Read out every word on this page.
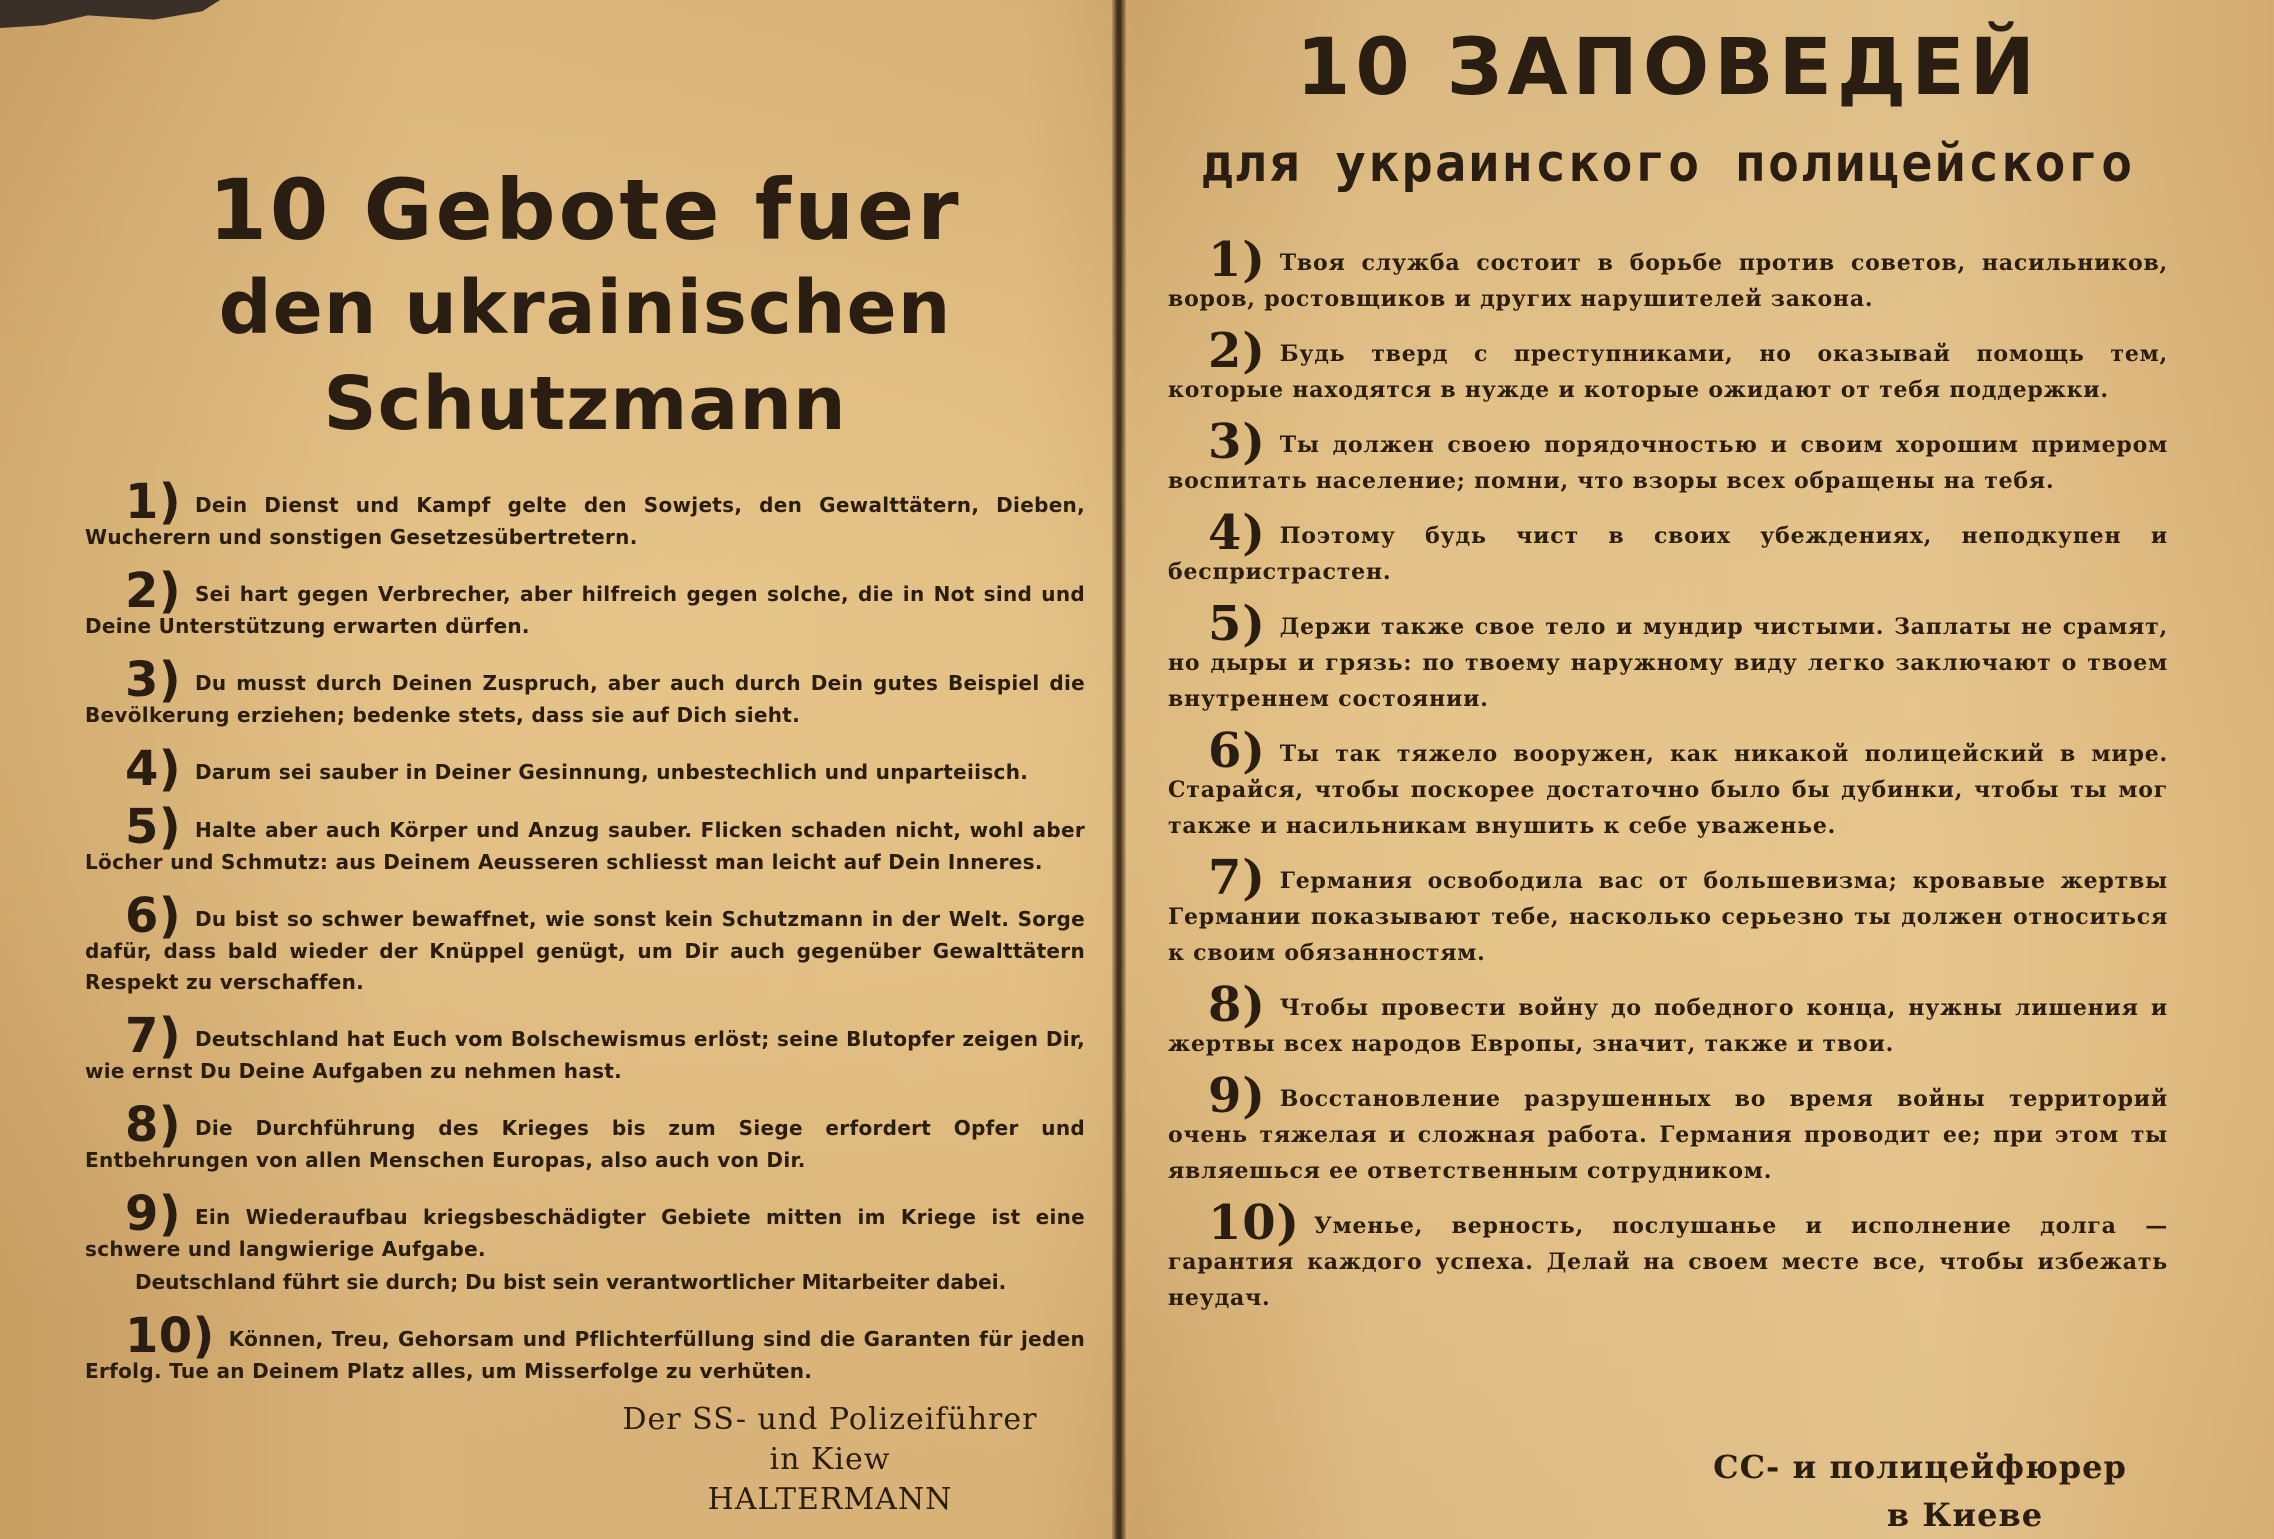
10 Gebote fuer
den ukrainischen Schutzmann
1) Dein Dienst und Kampf gelte den Sowjets, den Gewalttätern, Dieben, Wucherern und sonstigen Gesetzesübertretern.
2) Sei hart gegen Verbrecher, aber hilfreich gegen solche, die in Not sind und Deine Unterstützung erwarten dürfen.
3) Du musst durch Deinen Zuspruch, aber auch durch Dein gutes Beispiel die Bevölkerung erziehen; bedenke stets, dass sie auf Dich sieht.
4) Darum sei sauber in Deiner Gesinnung, unbestechlich und unparteiisch.
5) Halte aber auch Körper und Anzug sauber. Flicken schaden nicht, wohl aber Löcher und Schmutz: aus Deinem Aeusseren schliesst man leicht auf Dein Inneres.
6) Du bist so schwer bewaffnet, wie sonst kein Schutzmann in der Welt. Sorge dafür, dass bald wieder der Knüppel genügt, um Dir auch gegenüber Gewalttätern Respekt zu verschaffen.
7) Deutschland hat Euch vom Bolschewismus erlöst; seine Blutopfer zeigen Dir, wie ernst Du Deine Aufgaben zu nehmen hast.
8) Die Durchführung des Krieges bis zum Siege erfordert Opfer und Entbehrungen von allen Menschen Europas, also auch von Dir.
9) Ein Wiederaufbau kriegsbeschädigter Gebiete mitten im Kriege ist eine schwere und langwierige Aufgabe.
Deutschland führt sie durch; Du bist sein verantwortlicher Mitarbeiter dabei.
10) Können, Treu, Gehorsam und Pflichterfüllung sind die Garanten für jeden Erfolg. Tue an Deinem Platz alles, um Misserfolge zu verhüten.
Der SS- und Polizeiführer
in Kiew
HALTERMANN
10 ЗАПОВЕДЕЙ
для украинского полицейского
1) Твоя служба состоит в борьбе против советов, насильников, воров, ростовщиков и других нарушителей закона.
2) Будь тверд с преступниками, но оказывай помощь тем, которые находятся в нужде и которые ожидают от тебя поддержки.
3) Ты должен своею порядочностью и своим хорошим примером воспитать население; помни, что взоры всех обращены на тебя.
4) Поэтому будь чист в своих убеждениях, неподкупен и беспристрастен.
5) Держи также свое тело и мундир чистыми. Заплаты не срамят, но дыры и грязь: по твоему наружному виду легко заключают о твоем внутреннем состоянии.
6) Ты так тяжело вооружен, как никакой полицейский в мире. Старайся, чтобы поскорее достаточно было бы дубинки, чтобы ты мог также и насильникам внушить к себе уваженье.
7) Германия освободила вас от большевизма; кровавые жертвы Германии показывают тебе, насколько серьезно ты должен относиться к своим обязанностям.
8) Чтобы провести войну до победного конца, нужны лишения и жертвы всех народов Европы, значит, также и твои.
9) Восстановление разрушенных во время войны территорий очень тяжелая и сложная работа. Германия проводит ее; при этом ты являешься ее ответственным сотрудником.
10) Уменье, верность, послушанье и исполнение долга — гарантия каждого успеха. Делай на своем месте все, чтобы избежать неудач.
СС- и полицейфюрер
в Киеве
